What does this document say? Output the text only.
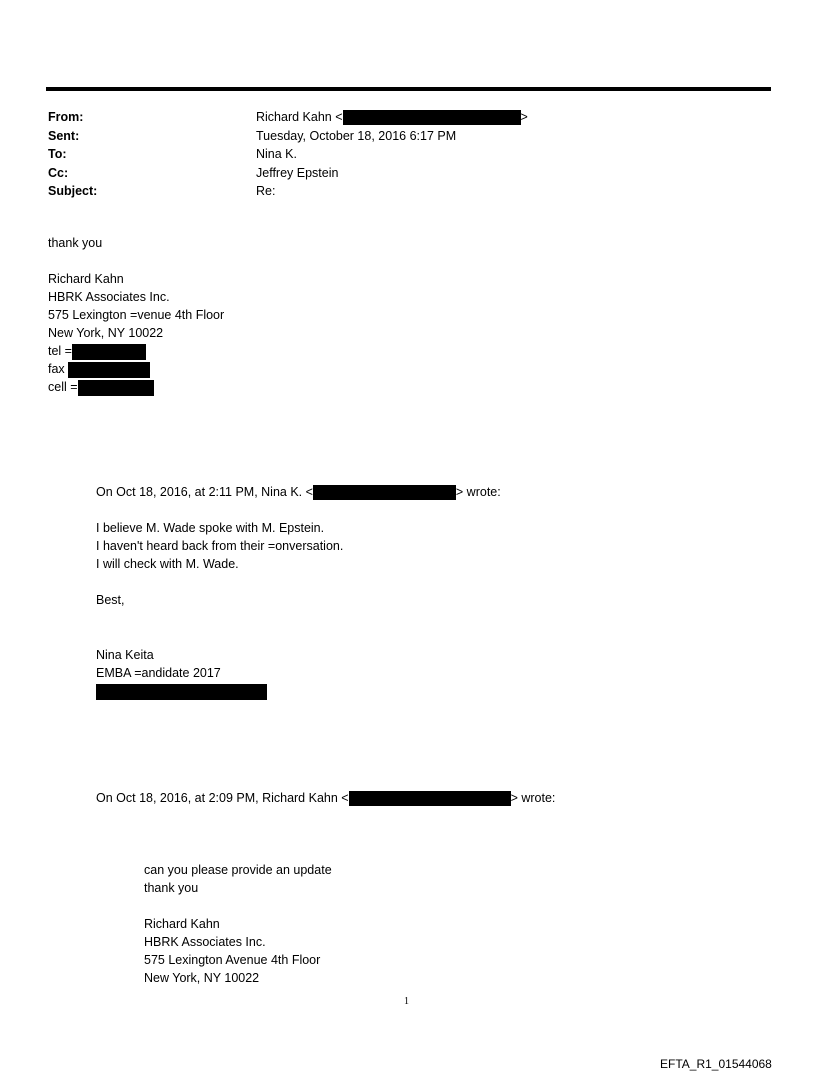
From:	Richard Kahn <	>
Sent:	Tuesday, October 18, 2016 6:17 PM
To:	Nina K.
Cc:	Jeffrey Epstein
Subject:	Re:
thank you
Richard Kahn
HBRK Associates Inc.
575 Lexington =venue 4th Floor
New York, NY 10022
tel =
fax
cell =
On Oct 18, 2016, at 2:11 PM, Nina K. <	> wrote:
I believe M. Wade spoke with M. Epstein.
I haven't heard back from their =onversation.
I will check with M. Wade.
Best,
Nina Keita
EMBA =andidate 2017
On Oct 18, 2016, at 2:09 PM, Richard Kahn <	> wrote:
can you please provide an update
thank you
Richard Kahn
HBRK Associates Inc.
575 Lexington Avenue 4th Floor
New York, NY 10022
1
EFTA_R1_01544068
